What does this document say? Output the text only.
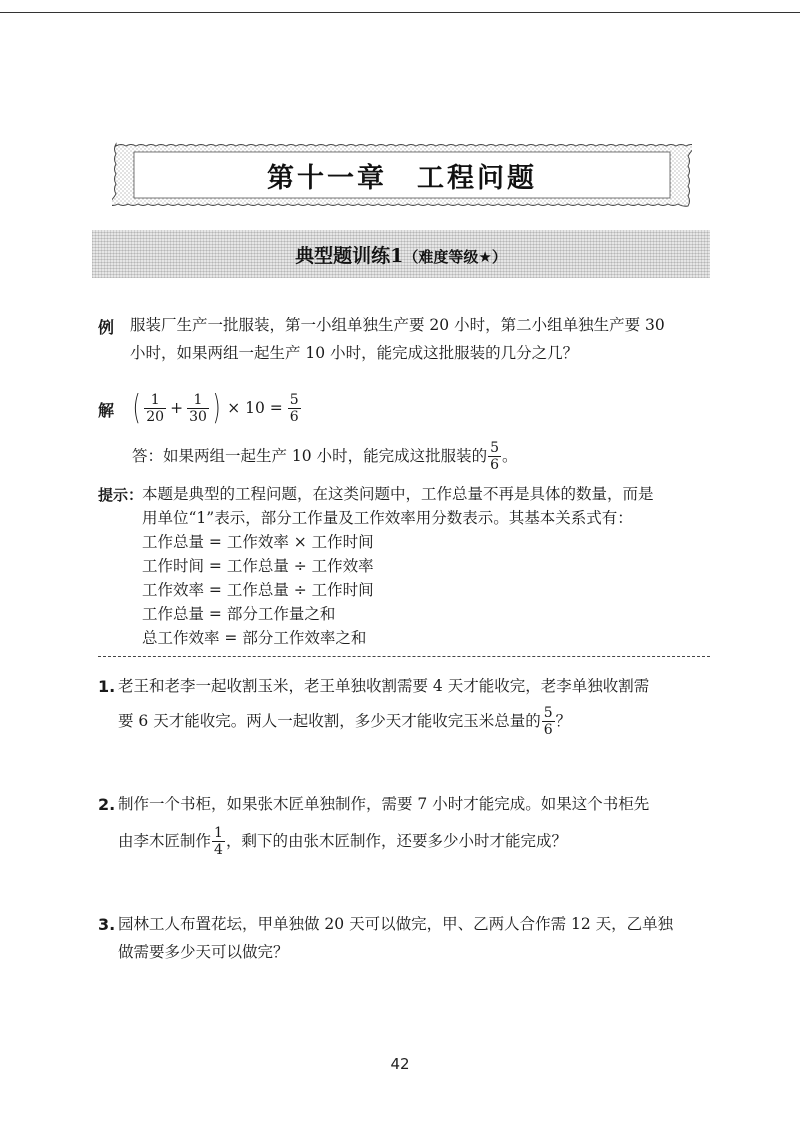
第十一章　工程问题
典型题训练1（难度等级★）
例 服装厂生产一批服装，第一小组单独生产要 20 小时，第二小组单独生产要 30
小时，如果两组一起生产 10 小时，能完成这批服装的几分之几？
解 ( $\frac{1}{20} + \frac{1}{30}$ ) × $10 = \frac{5}{6}$
答：如果两组一起生产 10 小时，能完成这批服装的 $\frac{5}{6}$ 。
提示：
本题是典型的工程问题，在这类问题中，工作总量不再是具体的数量，而是
用单位“1”表示，部分工作量及工作效率用分数表示。其基本关系式有：
工作总量 = 工作效率 × 工作时间
工作时间 = 工作总量 ÷ 工作效率
工作效率 = 工作总量 ÷ 工作时间
工作总量 = 部分工作量之和
总工作效率 = 部分工作效率之和
1. 老王和老李一起收割玉米，老王单独收割需要 4 天才能收完，老李单独收割需
要 6 天才能收完。两人一起收割，多少天才能收完玉米总量的 $\frac{5}{6}$ ？
2. 制作一个书柜，如果张木匠单独制作，需要 7 小时才能完成。如果这个书柜先
由李木匠制作 $\frac{1}{4}$ ，剩下的由张木匠制作，还要多少小时才能完成？
3. 园林工人布置花坛，甲单独做 20 天可以做完，甲、乙两人合作需 12 天，乙单独
做需要多少天可以做完？
42
